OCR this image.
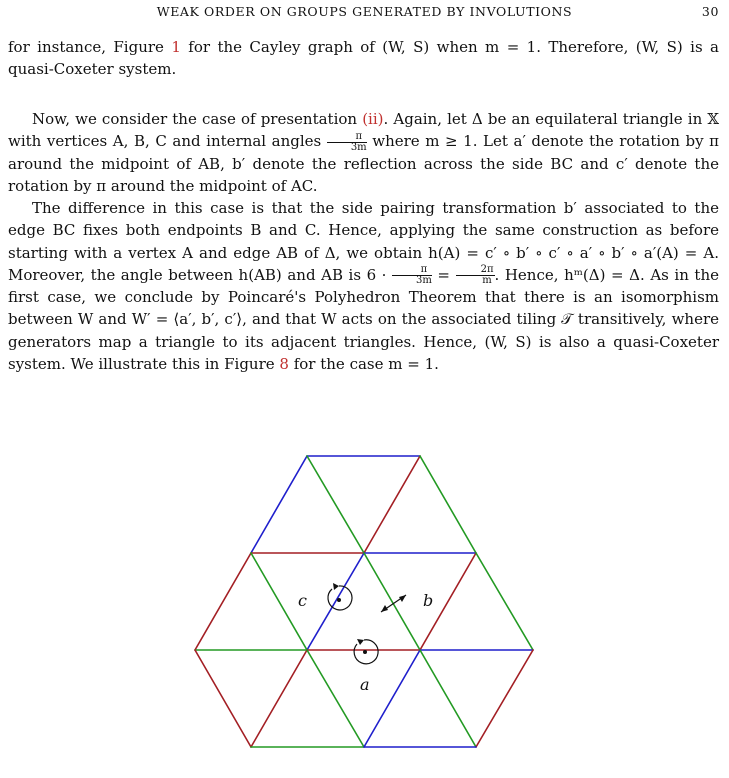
WEAK ORDER ON GROUPS GENERATED BY INVOLUTIONS	30

for instance, Figure 1 for the Cayley graph of (W, S) when m = 1. Therefore, (W, S) is a quasi-Coxeter system.

Now, we consider the case of presentation (ii). Again, let Δ be an equilateral triangle in 𝕏 with vertices A, B, C and internal angles $\frac{\pi}{3m}$ where m ≥ 1. Let a′ denote the rotation by π around the midpoint of AB, b′ denote the reflection across the side BC and c′ denote the rotation by π around the midpoint of AC.

The difference in this case is that the side pairing transformation b′ associated to the edge BC fixes both endpoints B and C. Hence, applying the same construction as before starting with a vertex A and edge AB of Δ, we obtain h(A) = c′ ∘ b′ ∘ c′ ∘ a′ ∘ b′ ∘ a′(A) = A. Moreover, the angle between h(AB) and AB is $6 \cdot \frac{\pi}{3m} = \frac{2\pi}{m}$ . Hence, hᵐ(Δ) = Δ. As in the first case, we conclude by Poincaré's Polyhedron Theorem that there is an isomorphism between W and W′ = ⟨a′, b′, c′⟩, and that W acts on the associated tiling 𝒯 transitively, where generators map a triangle to its adjacent triangles. Hence, (W, S) is also a quasi-Coxeter system. We illustrate this in Figure 8 for the case m = 1.

c	b
a
